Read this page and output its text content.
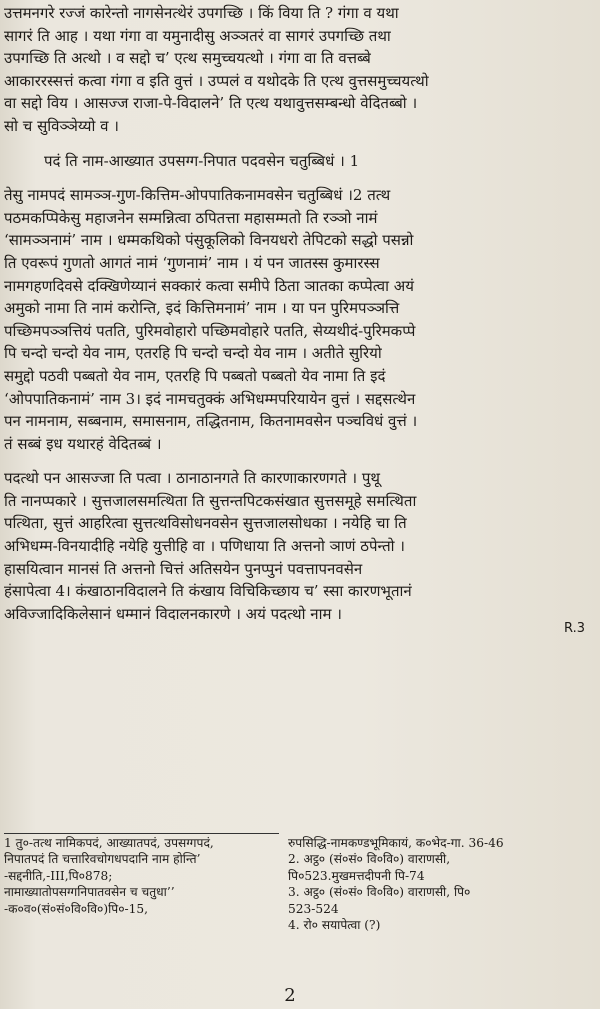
उत्तमनगरे रज्जं कारेन्तो नागसेनत्थेरं उपगच्छि । किं विया ति ? गंगा व यथा
सागरं ति आह । यथा गंगा वा यमुनादीसु अञ्ञतरं वा सागरं उपगच्छि तथा
उपगच्छि ति अत्थो । व सद्दो च’ एत्थ समुच्चयत्थो । गंगा वा ति वत्तब्बे
आकाररस्सत्तं कत्वा गंगा व इति वुत्तं । उप्पलं व यथोदके ति एत्थ वुत्तसमुच्चयत्थो
वा सद्दो विय । आसज्ज राजा-पे-विदालने’ ति एत्थ यथावुत्तसम्बन्धो वेदितब्बो ।
सो च सुविञ्ञेय्यो व ।

पदं ति नाम-आख्यात उपसग्ग-निपात पदवसेन चतुब्बिधं । 1

तेसु नामपदं सामञ्ञ-गुण-कित्तिम-ओपपातिकनामवसेन चतुब्बिधं ।2 तत्थ
पठमकप्पिकेसु महाजनेन सम्मन्नित्वा ठपितत्ता महासम्मतो ति रञ्ञो नामं
‘सामञ्ञनामं’ नाम । धम्मकथिको पंसुकूलिको विनयधरो तेपिटको सद्धो पसन्नो
ति एवरूपं गुणतो आगतं नामं ‘गुणनामं’ नाम । यं पन जातस्स कुमारस्स
नामगहणदिवसे दक्खिणेय्यानं सक्कारं कत्वा समीपे ठिता ञातका कप्पेत्वा अयं
अमुको नामा ति नामं करोन्ति, इदं कित्तिमनामं’ नाम । या पन पुरिमपञ्ञत्ति
पच्छिमपञ्ञत्तियं पतति, पुरिमवोहारो पच्छिमवोहारे पतति, सेय्यथीदं-पुरिमकप्पे
पि चन्दो चन्दो येव नाम, एतरहि पि चन्दो चन्दो येव नाम । अतीते सुरियो
समुद्दो पठवी पब्बतो येव नाम, एतरहि पि पब्बतो पब्बतो येव नामा ति इदं
‘ओपपातिकनामं’ नाम 3। इदं नामचतुक्कं अभिधम्मपरियायेन वुत्तं । सद्दसत्थेन
पन नामनाम, सब्बनाम, समासनाम, तद्धितनाम, कितनामवसेन पञ्चविधं वुत्तं ।
तं सब्बं इध यथारहं वेदितब्बं ।

पदत्थो पन आसज्जा ति पत्वा । ठानाठानगते ति कारणाकारणगते । पुथू
ति नानप्पकारे । सुत्तजालसमत्थिता ति सुत्तन्तपिटकसंखात सुत्तसमूहे समत्थिता
पत्थिता, सुत्तं आहरित्वा सुत्तत्थविसोधनवसेन सुत्तजालसोधका । नयेहि चा ति
अभिधम्म-विनयादीहि नयेहि युत्तीहि वा । पणिधाया ति अत्तनो ञाणं ठपेन्तो ।
हासयित्वान मानसं ति अत्तनो चित्तं अतिसयेन पुनप्पुनं पवत्तापनवसेन
हंसापेत्वा 4। कंखाठानविदालने ति कंखाय विचिकिच्छाय च’ स्सा कारणभूतानं
अविज्जादिकिलेसानं धम्मानं विदालनकारणे । अयं पदत्थो नाम ।

R.3
1 तु०-तत्थ नामिकपदं, आख्यातपदं, उपसग्गपदं,
निपातपदं ति चत्तारिवचोगधपदानि नाम होन्ति’
-सद्दनीति,-III,पि०878;
नामाख्यातोपसग्गनिपातवसेन च चतुधा’’
-क०व०(सं०सं०वि०वि०)पि०-15,
रुपसिद्धि-नामकण्डभूमिकायं, क०भेद-गा. 36-46
2. अट्ठ० (सं०सं० वि०वि०) वाराणसी,
पि०523.मुखमत्तदीपनी पि-74
3. अट्ठ० (सं०सं० वि०वि०) वाराणसी, पि०
523-524
4. रो० सयापेत्वा (?)
2
